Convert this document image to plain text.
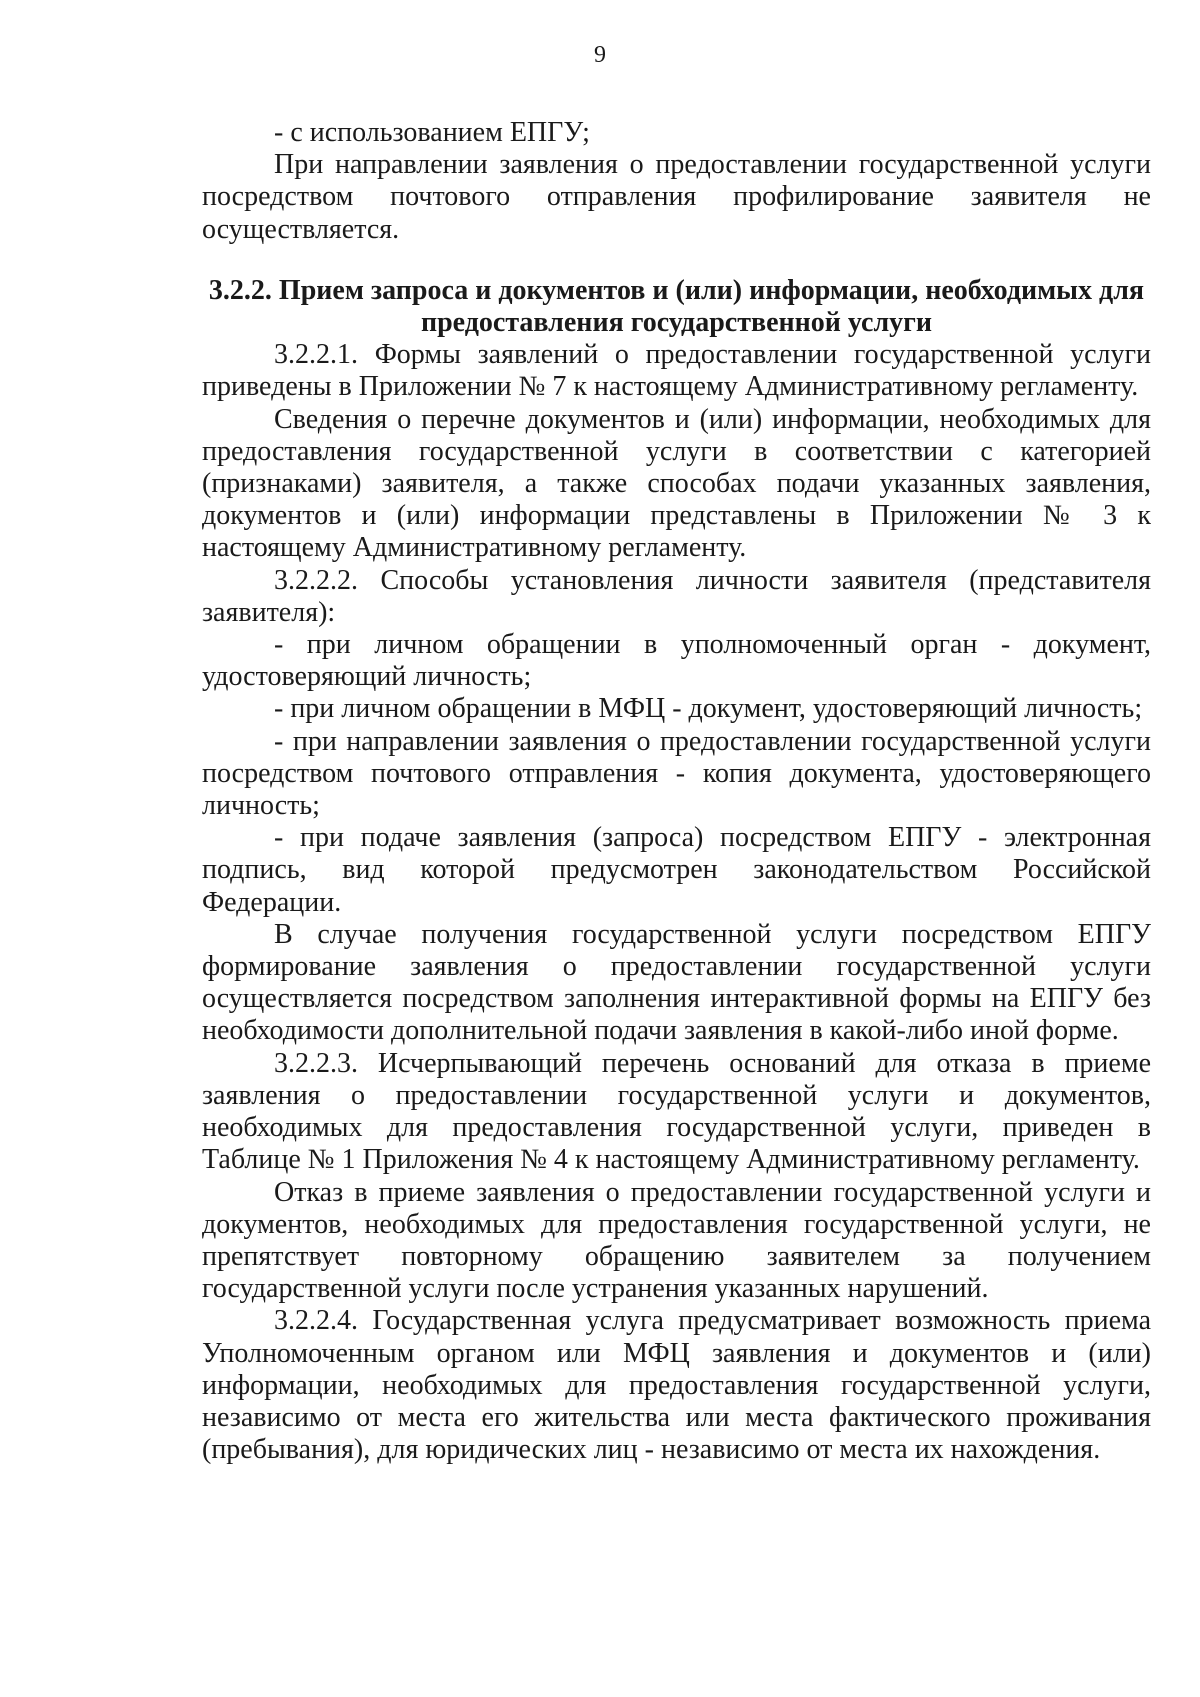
9

- с использованием ЕПГУ;

При направлении заявления о предоставлении государственной услуги посредством почтового отправления профилирование заявителя не осуществляется.

3.2.2. Прием запроса и документов и (или) информации, необходимых для предоставления государственной услуги

3.2.2.1. Формы заявлений о предоставлении государственной услуги приведены в Приложении № 7 к настоящему Административному регламенту.

Сведения о перечне документов и (или) информации, необходимых для предоставления государственной услуги в соответствии с категорией (признаками) заявителя, а также способах подачи указанных заявления, документов и (или) информации представлены в Приложении № 3 к настоящему Административному регламенту.

3.2.2.2. Способы установления личности заявителя (представителя заявителя):

- при личном обращении в уполномоченный орган - документ, удостоверяющий личность;

- при личном обращении в МФЦ - документ, удостоверяющий личность;

- при направлении заявления о предоставлении государственной услуги посредством почтового отправления - копия документа, удостоверяющего личность;

- при подаче заявления (запроса) посредством ЕПГУ - электронная подпись, вид которой предусмотрен законодательством Российской Федерации.

В случае получения государственной услуги посредством ЕПГУ формирование заявления о предоставлении государственной услуги осуществляется посредством заполнения интерактивной формы на ЕПГУ без необходимости дополнительной подачи заявления в какой-либо иной форме.

3.2.2.3. Исчерпывающий перечень оснований для отказа в приеме заявления о предоставлении государственной услуги и документов, необходимых для предоставления государственной услуги, приведен в Таблице № 1 Приложения № 4 к настоящему Административному регламенту.

Отказ в приеме заявления о предоставлении государственной услуги и документов, необходимых для предоставления государственной услуги, не препятствует повторному обращению заявителем за получением государственной услуги после устранения указанных нарушений.

3.2.2.4. Государственная услуга предусматривает возможность приема Уполномоченным органом или МФЦ заявления и документов и (или) информации, необходимых для предоставления государственной услуги, независимо от места его жительства или места фактического проживания (пребывания), для юридических лиц - независимо от места их нахождения.
